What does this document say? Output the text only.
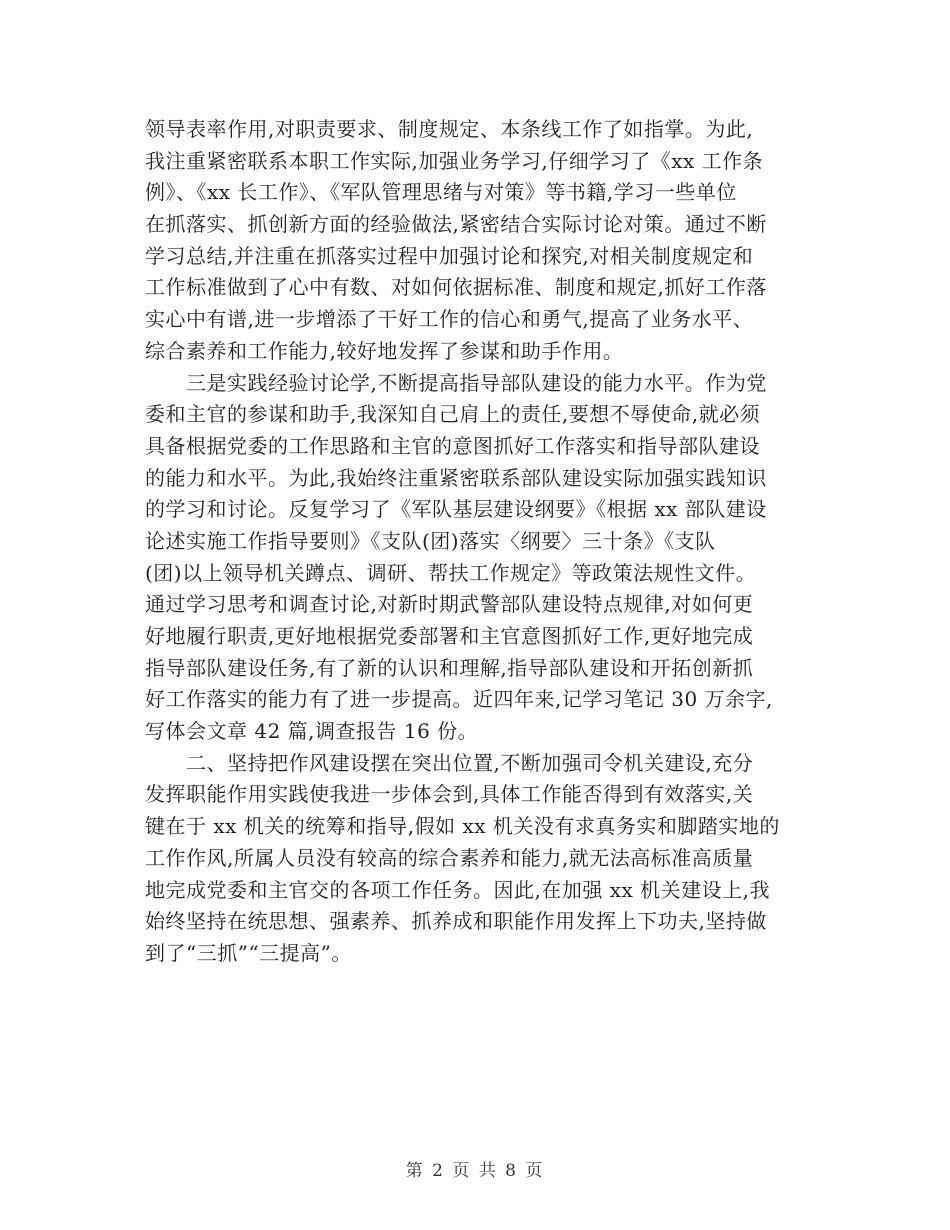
领导表率作用,对职责要求、制度规定、本条线工作了如指掌。为此,
我注重紧密联系本职工作实际,加强业务学习,仔细学习了《xx 工作条
例》、《xx 长工作》、《军队管理思绪与对策》等书籍,学习一些单位
在抓落实、抓创新方面的经验做法,紧密结合实际讨论对策。通过不断
学习总结,并注重在抓落实过程中加强讨论和探究,对相关制度规定和
工作标准做到了心中有数、对如何依据标准、制度和规定,抓好工作落
实心中有谱,进一步增添了干好工作的信心和勇气,提高了业务水平、
综合素养和工作能力,较好地发挥了参谋和助手作用。
　　三是实践经验讨论学,不断提高指导部队建设的能力水平。作为党
委和主官的参谋和助手,我深知自己肩上的责任,要想不辱使命,就必须
具备根据党委的工作思路和主官的意图抓好工作落实和指导部队建设
的能力和水平。为此,我始终注重紧密联系部队建设实际加强实践知识
的学习和讨论。反复学习了《军队基层建设纲要》《根据 xx 部队建设
论述实施工作指导要则》《支队(团)落实〈纲要〉三十条》《支队
(团)以上领导机关蹲点、调研、帮扶工作规定》等政策法规性文件。
通过学习思考和调查讨论,对新时期武警部队建设特点规律,对如何更
好地履行职责,更好地根据党委部署和主官意图抓好工作,更好地完成
指导部队建设任务,有了新的认识和理解,指导部队建设和开拓创新抓
好工作落实的能力有了进一步提高。近四年来,记学习笔记 30 万余字,
写体会文章 42 篇,调查报告 16 份。
　　二、坚持把作风建设摆在突出位置,不断加强司令机关建设,充分
发挥职能作用实践使我进一步体会到,具体工作能否得到有效落实,关
键在于 xx 机关的统筹和指导,假如 xx 机关没有求真务实和脚踏实地的
工作作风,所属人员没有较高的综合素养和能力,就无法高标准高质量
地完成党委和主官交的各项工作任务。因此,在加强 xx 机关建设上,我
始终坚持在统思想、强素养、抓养成和职能作用发挥上下功夫,坚持做
到了“三抓”“三提高”。
第 2 页 共 8 页
